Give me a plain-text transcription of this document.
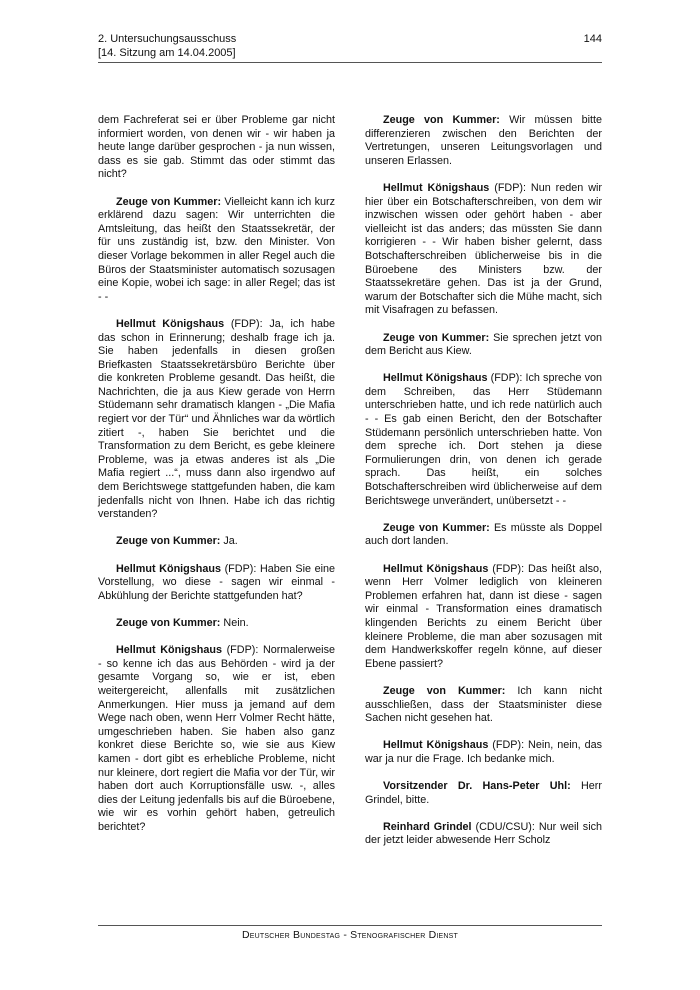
2. Untersuchungsausschuss
[14. Sitzung am 14.04.2005]
144

dem Fachreferat sei er über Probleme gar nicht informiert worden, von denen wir - wir haben ja heute lange darüber gesprochen - ja nun wissen, dass es sie gab. Stimmt das oder stimmt das nicht?

Zeuge von Kummer: Vielleicht kann ich kurz erklärend dazu sagen: Wir unterrichten die Amtsleitung, das heißt den Staatssekretär, der für uns zuständig ist, bzw. den Minister. Von dieser Vorlage bekommen in aller Regel auch die Büros der Staatsminister automatisch sozusagen eine Kopie, wobei ich sage: in aller Regel; das ist - -

Hellmut Königshaus (FDP): Ja, ich habe das schon in Erinnerung; deshalb frage ich ja. Sie haben jedenfalls in diesen großen Briefkasten Staatssekretärsbüro Berichte über die konkreten Probleme gesandt. Das heißt, die Nachrichten, die ja aus Kiew gerade von Herrn Stüdemann sehr dramatisch klangen - „Die Mafia regiert vor der Tür“ und Ähnliches war da wörtlich zitiert -, haben Sie berichtet und die Transformation zu dem Bericht, es gebe kleinere Probleme, was ja etwas anderes ist als „Die Mafia regiert ...“, muss dann also irgendwo auf dem Berichtswege stattgefunden haben, die kam jedenfalls nicht von Ihnen. Habe ich das richtig verstanden?

Zeuge von Kummer: Ja.

Hellmut Königshaus (FDP): Haben Sie eine Vorstellung, wo diese - sagen wir einmal - Abkühlung der Berichte stattgefunden hat?

Zeuge von Kummer: Nein.

Hellmut Königshaus (FDP): Normalerweise - so kenne ich das aus Behörden - wird ja der gesamte Vorgang so, wie er ist, eben weitergereicht, allenfalls mit zusätzlichen Anmerkungen. Hier muss ja jemand auf dem Wege nach oben, wenn Herr Volmer Recht hätte, umgeschrieben haben. Sie haben also ganz konkret diese Berichte so, wie sie aus Kiew kamen - dort gibt es erhebliche Probleme, nicht nur kleinere, dort regiert die Mafia vor der Tür, wir haben dort auch Korruptionsfälle usw. -, alles dies der Leitung jedenfalls bis auf die Büroebene, wie wir es vorhin gehört haben, getreulich berichtet?

Zeuge von Kummer: Wir müssen bitte differenzieren zwischen den Berichten der Vertretungen, unseren Leitungsvorlagen und unseren Erlassen.

Hellmut Königshaus (FDP): Nun reden wir hier über ein Botschafterschreiben, von dem wir inzwischen wissen oder gehört haben - aber vielleicht ist das anders; das müssten Sie dann korrigieren - - Wir haben bisher gelernt, dass Botschafterschreiben üblicherweise bis in die Büroebene des Ministers bzw. der Staatssekretäre gehen. Das ist ja der Grund, warum der Botschafter sich die Mühe macht, sich mit Visafragen zu befassen.

Zeuge von Kummer: Sie sprechen jetzt von dem Bericht aus Kiew.

Hellmut Königshaus (FDP): Ich spreche von dem Schreiben, das Herr Stüdemann unterschrieben hatte, und ich rede natürlich auch - - Es gab einen Bericht, den der Botschafter Stüdemann persönlich unterschrieben hatte. Von dem spreche ich. Dort stehen ja diese Formulierungen drin, von denen ich gerade sprach. Das heißt, ein solches Botschafterschreiben wird üblicherweise auf dem Berichtswege unverändert, unübersetzt - -

Zeuge von Kummer: Es müsste als Doppel auch dort landen.

Hellmut Königshaus (FDP): Das heißt also, wenn Herr Volmer lediglich von kleineren Problemen erfahren hat, dann ist diese - sagen wir einmal - Transformation eines dramatisch klingenden Berichts zu einem Bericht über kleinere Probleme, die man aber sozusagen mit dem Handwerkskoffer regeln könne, auf dieser Ebene passiert?

Zeuge von Kummer: Ich kann nicht ausschließen, dass der Staatsminister diese Sachen nicht gesehen hat.

Hellmut Königshaus (FDP): Nein, nein, das war ja nur die Frage. Ich bedanke mich.

Vorsitzender Dr. Hans-Peter Uhl: Herr Grindel, bitte.

Reinhard Grindel (CDU/CSU): Nur weil sich der jetzt leider abwesende Herr Scholz

Deutscher Bundestag - Stenografischer Dienst
